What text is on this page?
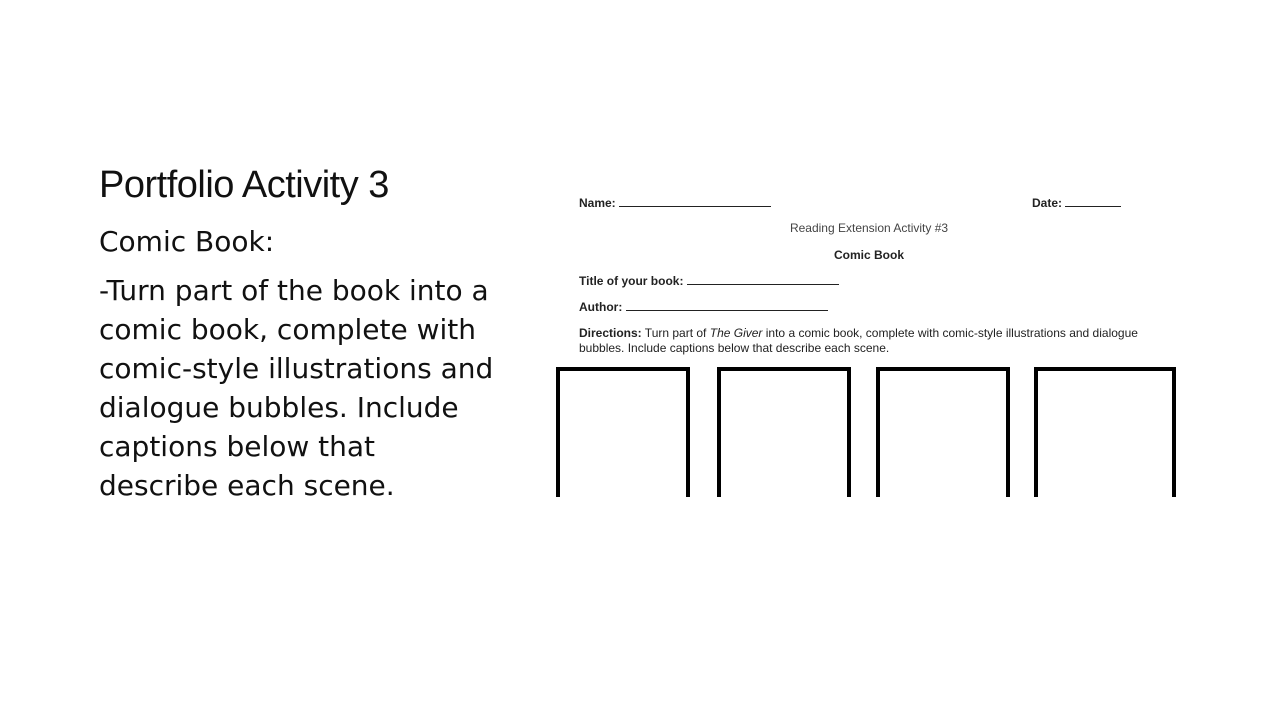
Portfolio Activity 3

Comic Book:

-Turn part of the book into a comic book, complete with comic-style illustrations and dialogue bubbles. Include captions below that describe each scene.

Name:	Date:
Reading Extension Activity #3
Comic Book
Title of your book:
Author:
Directions: Turn part of The Giver into a comic book, complete with comic-style illustrations and dialogue bubbles. Include captions below that describe each scene.
